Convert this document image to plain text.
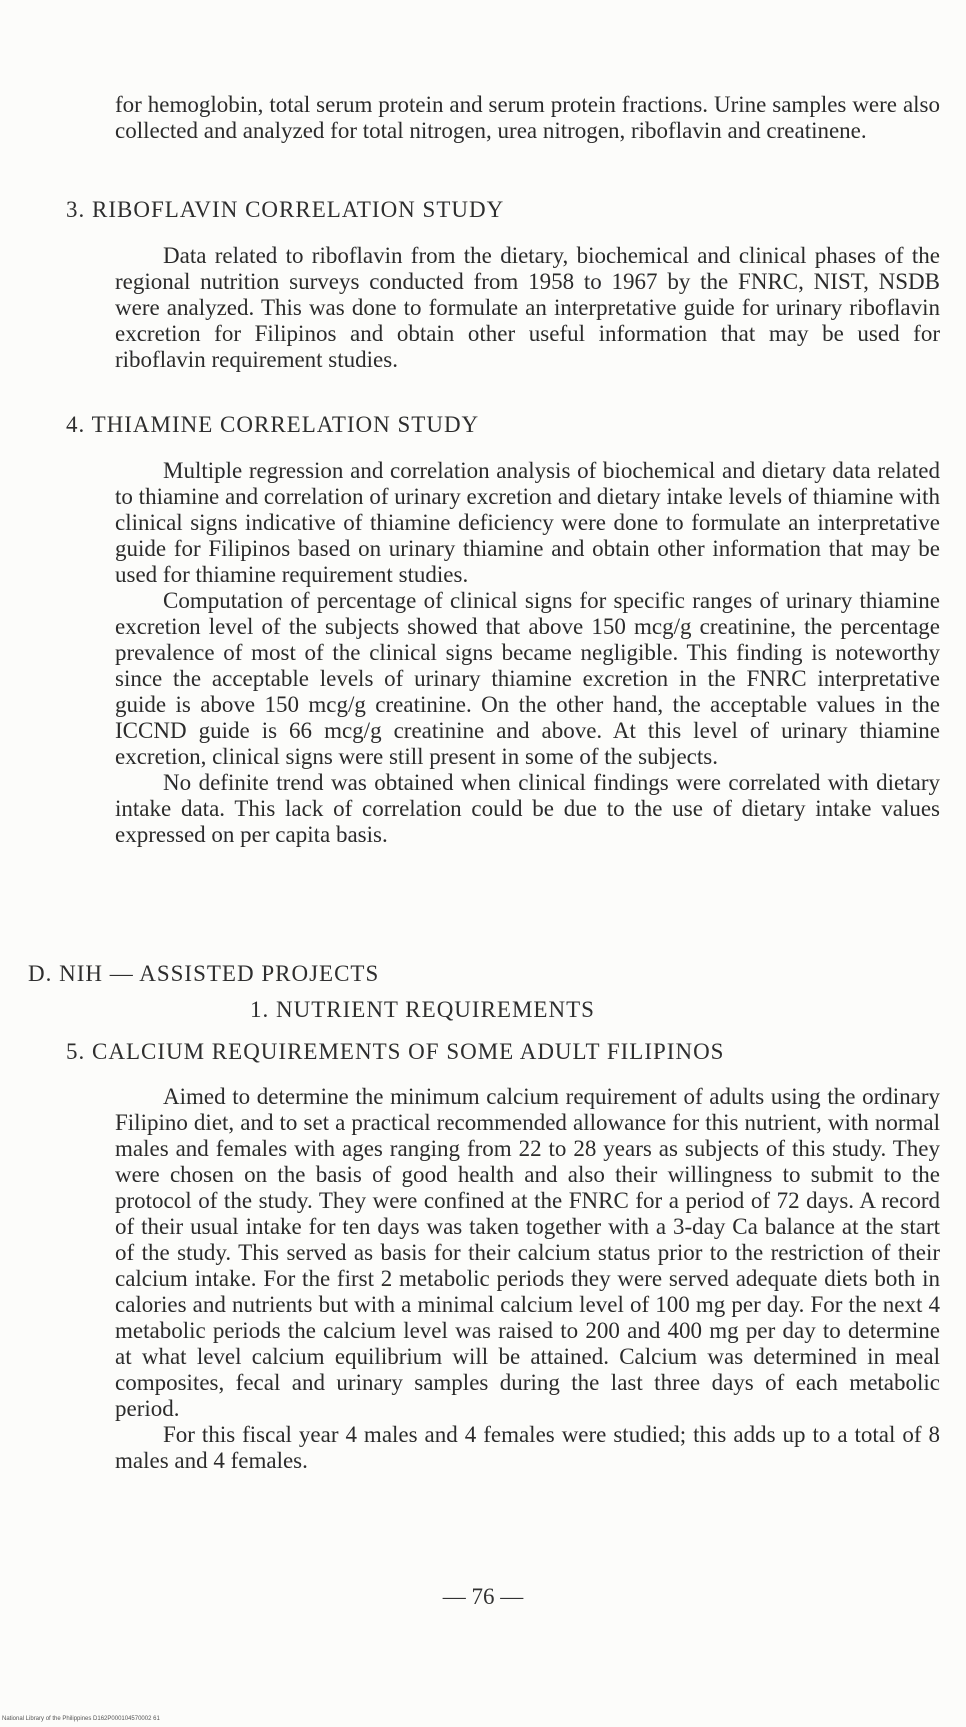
for hemoglobin, total serum protein and serum protein fractions. Urine samples were also collected and analyzed for total nitrogen, urea nitrogen, riboflavin and creatinene.

3. RIBOFLAVIN CORRELATION STUDY

Data related to riboflavin from the dietary, biochemical and clinical phases of the regional nutrition surveys conducted from 1958 to 1967 by the FNRC, NIST, NSDB were analyzed. This was done to formulate an interpretative guide for urinary riboflavin excretion for Filipinos and obtain other useful information that may be used for riboflavin requirement studies.

4. THIAMINE CORRELATION STUDY

Multiple regression and correlation analysis of biochemical and dietary data related to thiamine and correlation of urinary excretion and dietary intake levels of thiamine with clinical signs indicative of thiamine deficiency were done to formulate an interpretative guide for Filipinos based on urinary thiamine and obtain other information that may be used for thiamine requirement studies.

Computation of percentage of clinical signs for specific ranges of urinary thiamine excretion level of the subjects showed that above 150 mcg/g creatinine, the percentage prevalence of most of the clinical signs became negligible. This finding is noteworthy since the acceptable levels of urinary thiamine excretion in the FNRC interpretative guide is above 150 mcg/g creatinine. On the other hand, the acceptable values in the ICCND guide is 66 mcg/g creatinine and above. At this level of urinary thiamine excretion, clinical signs were still present in some of the subjects.

No definite trend was obtained when clinical findings were correlated with dietary intake data. This lack of correlation could be due to the use of dietary intake values expressed on per capita basis.

D. NIH — ASSISTED PROJECTS
1. NUTRIENT REQUIREMENTS
5. CALCIUM REQUIREMENTS OF SOME ADULT FILIPINOS

Aimed to determine the minimum calcium requirement of adults using the ordinary Filipino diet, and to set a practical recommended allowance for this nutrient, with normal males and females with ages ranging from 22 to 28 years as subjects of this study. They were chosen on the basis of good health and also their willingness to submit to the protocol of the study. They were confined at the FNRC for a period of 72 days. A record of their usual intake for ten days was taken together with a 3-day Ca balance at the start of the study. This served as basis for their calcium status prior to the restriction of their calcium intake. For the first 2 metabolic periods they were served adequate diets both in calories and nutrients but with a minimal calcium level of 100 mg per day. For the next 4 metabolic periods the calcium level was raised to 200 and 400 mg per day to determine at what level calcium equilibrium will be attained. Calcium was determined in meal composites, fecal and urinary samples during the last three days of each metabolic period.

For this fiscal year 4 males and 4 females were studied; this adds up to a total of 8 males and 4 females.

— 76 —
National Library of the Philippines D162P000104570002 61
